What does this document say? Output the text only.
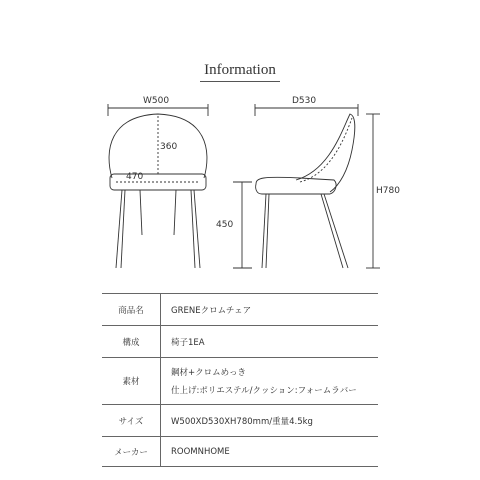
Information
W500	D530
H780
360
470
450
商品名	GRENEクロムチェア
構成	椅子1EA
素材	鋼材+クロムめっき
仕上げ:ポリエステル/クッション:フォームラバー

サイズ	W500XD530XH780mm/重量4.5kg
メーカー	ROOMNHOME
